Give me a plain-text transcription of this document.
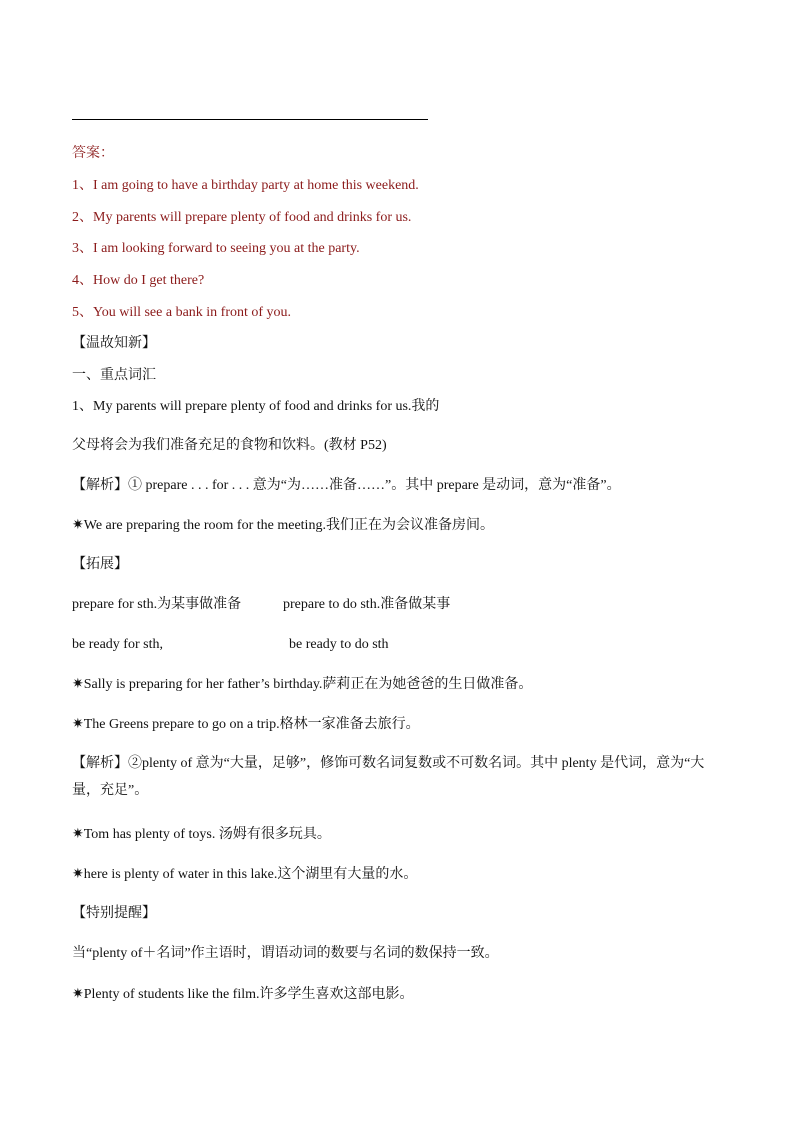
答案：
1、I am going to have a birthday party at home this weekend.
2、My parents will prepare plenty of food and drinks for us.
3、I am looking forward to seeing you at the party.
4、How do I get there?
5、You will see a bank in front of you.
【温故知新】
一、重点词汇
1、My parents will prepare plenty of food and drinks for us.我的
父母将会为我们准备充足的食物和饮料。(教材 P52)
【解析】① prepare . . . for . . . 意为“为……准备……”。其中 prepare 是动词，意为“准备”。
✷We are preparing the room for the meeting.我们正在为会议准备房间。
【拓展】
prepare for sth.为某事做准备	prepare to do sth.准备做某事
be ready for sth,	be ready to do sth
✷Sally is preparing for her father’s birthday.萨莉正在为她爸爸的生日做准备。
✷The Greens prepare to go on a trip.格林一家准备去旅行。
【解析】②plenty of 意为“大量，足够”，修饰可数名词复数或不可数名词。其中 plenty 是代词，意为“大量，充足”。
✷Tom has plenty of toys. 汤姆有很多玩具。
✷here is plenty of water in this lake.这个湖里有大量的水。
【特别提醒】
当“plenty of＋名词”作主语时，谓语动词的数要与名词的数保持一致。
✷Plenty of students like the film.许多学生喜欢这部电影。
